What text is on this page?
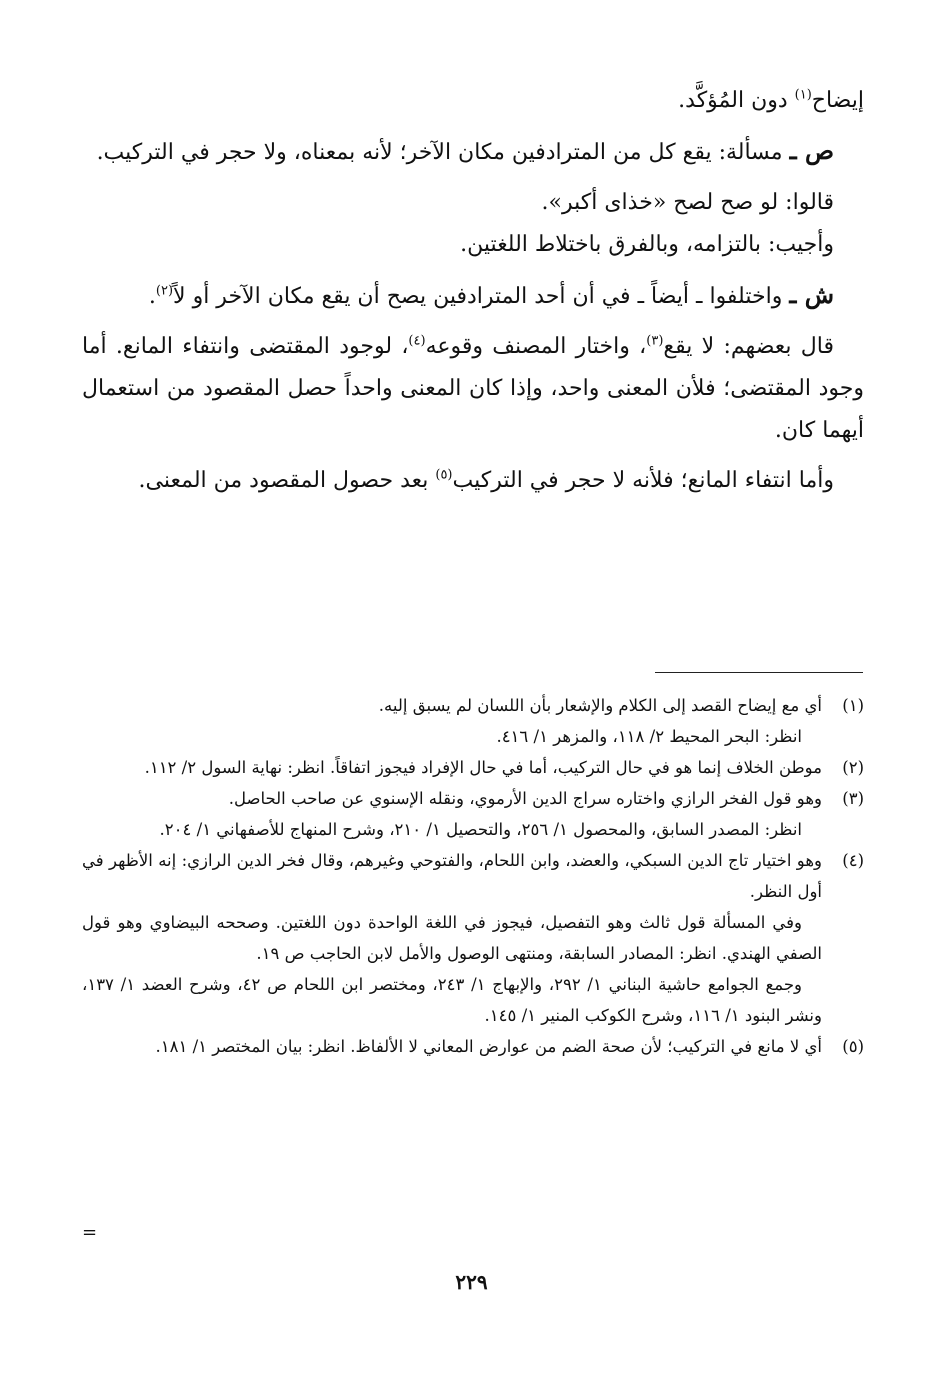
إيضاح$^{(١)}$ دون المُؤكَّد.

ص ـ مسألة: يقع كل من المترادفين مكان الآخر؛ لأنه بمعناه، ولا حجر في التركيب.

قالوا: لو صح لصح «خذاى أكبر».

وأجيب: بالتزامه، وبالفرق باختلاط اللغتين.

ش ـ واختلفوا ـ أيضاً ـ في أن أحد المترادفين يصح أن يقع مكان الآخر أو لاً$^{(٢)}$.

قال بعضهم: لا يقع$^{(٣)}$، واختار المصنف وقوعه$^{(٤)}$، لوجود المقتضى وانتفاء المانع. أما وجود المقتضى؛ فلأن المعنى واحد، وإذا كان المعنى واحداً حصل المقصود من استعمال أيهما كان.

وأما انتفاء المانع؛ فلأنه لا حجر في التركيب$^{(٥)}$ بعد حصول المقصود من المعنى.

(١)

أي مع إيضاح القصد إلى الكلام والإشعار بأن اللسان لم يسبق إليه.

انظر: البحر المحيط ٢/ ١١٨، والمزهر ١/ ٤١٦.

(٢)

موطن الخلاف إنما هو في حال التركيب، أما في حال الإفراد فيجوز اتفاقاً. انظر: نهاية السول ٢/ ١١٢.

(٣)

وهو قول الفخر الرازي واختاره سراج الدين الأرموي، ونقله الإسنوي عن صاحب الحاصل.

انظر: المصدر السابق، والمحصول ١/ ٢٥٦، والتحصيل ١/ ٢١٠، وشرح المنهاج للأصفهاني ١/ ٢٠٤.

(٤)

وهو اختيار تاج الدين السبكي، والعضد، وابن اللحام، والفتوحي وغيرهم، وقال فخر الدين الرازي: إنه الأظهر في أول النظر.

وفي المسألة قول ثالث وهو التفصيل، فيجوز في اللغة الواحدة دون اللغتين. وصححه البيضاوي وهو قول الصفي الهندي. انظر: المصادر السابقة، ومنتهى الوصول والأمل لابن الحاجب ص ١٩.

وجمع الجوامع حاشية البناني ١/ ٢٩٢، والإبهاج ١/ ٢٤٣، ومختصر ابن اللحام ص ٤٢، وشرح العضد ١/ ١٣٧، ونشر البنود ١/ ١١٦، وشرح الكوكب المنير ١/ ١٤٥.

(٥)

أي لا مانع في التركيب؛ لأن صحة الضم من عوارض المعاني لا الألفاظ. انظر: بيان المختصر ١/ ١٨١.

=
٢٢٩
